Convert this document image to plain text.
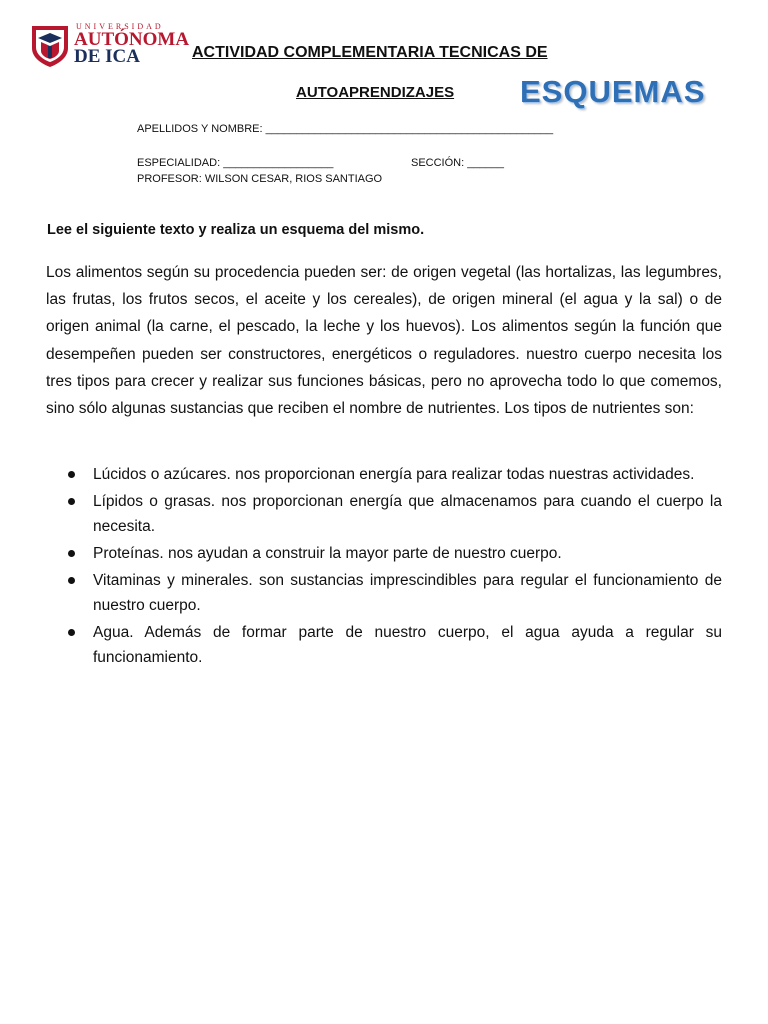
UNIVERSIDAD
AUTÓNOMA
DE ICA	ACTIVIDAD COMPLEMENTARIA TECNICAS DE
AUTOAPRENDIZAJES ESQUEMAS
APELLIDOS Y NOMBRE: _______________________________________________
ESPECIALIDAD: __________________	SECCIÓN: ______
PROFESOR: WILSON CESAR, RIOS SANTIAGO
Lee el siguiente texto y realiza un esquema del mismo.
Los alimentos según su procedencia pueden ser: de origen vegetal (las hortalizas, las legumbres, las frutas, los frutos secos, el aceite y los cereales), de origen mineral (el agua y la sal) o de origen animal (la carne, el pescado, la leche y los huevos). Los alimentos según la función que desempeñen pueden ser constructores, energéticos o reguladores. nuestro cuerpo necesita los tres tipos para crecer y realizar sus funciones básicas, pero no aprovecha todo lo que comemos, sino sólo algunas sustancias que reciben el nombre de nutrientes. Los tipos de nutrientes son:
Lúcidos o azúcares. nos proporcionan energía para realizar todas nuestras actividades.
Lípidos o grasas. nos proporcionan energía que almacenamos para cuando el cuerpo la necesita.
Proteínas. nos ayudan a construir la mayor parte de nuestro cuerpo.
Vitaminas y minerales. son sustancias imprescindibles para regular el funcionamiento de nuestro cuerpo.
Agua. Además de formar parte de nuestro cuerpo, el agua ayuda a regular su funcionamiento.
